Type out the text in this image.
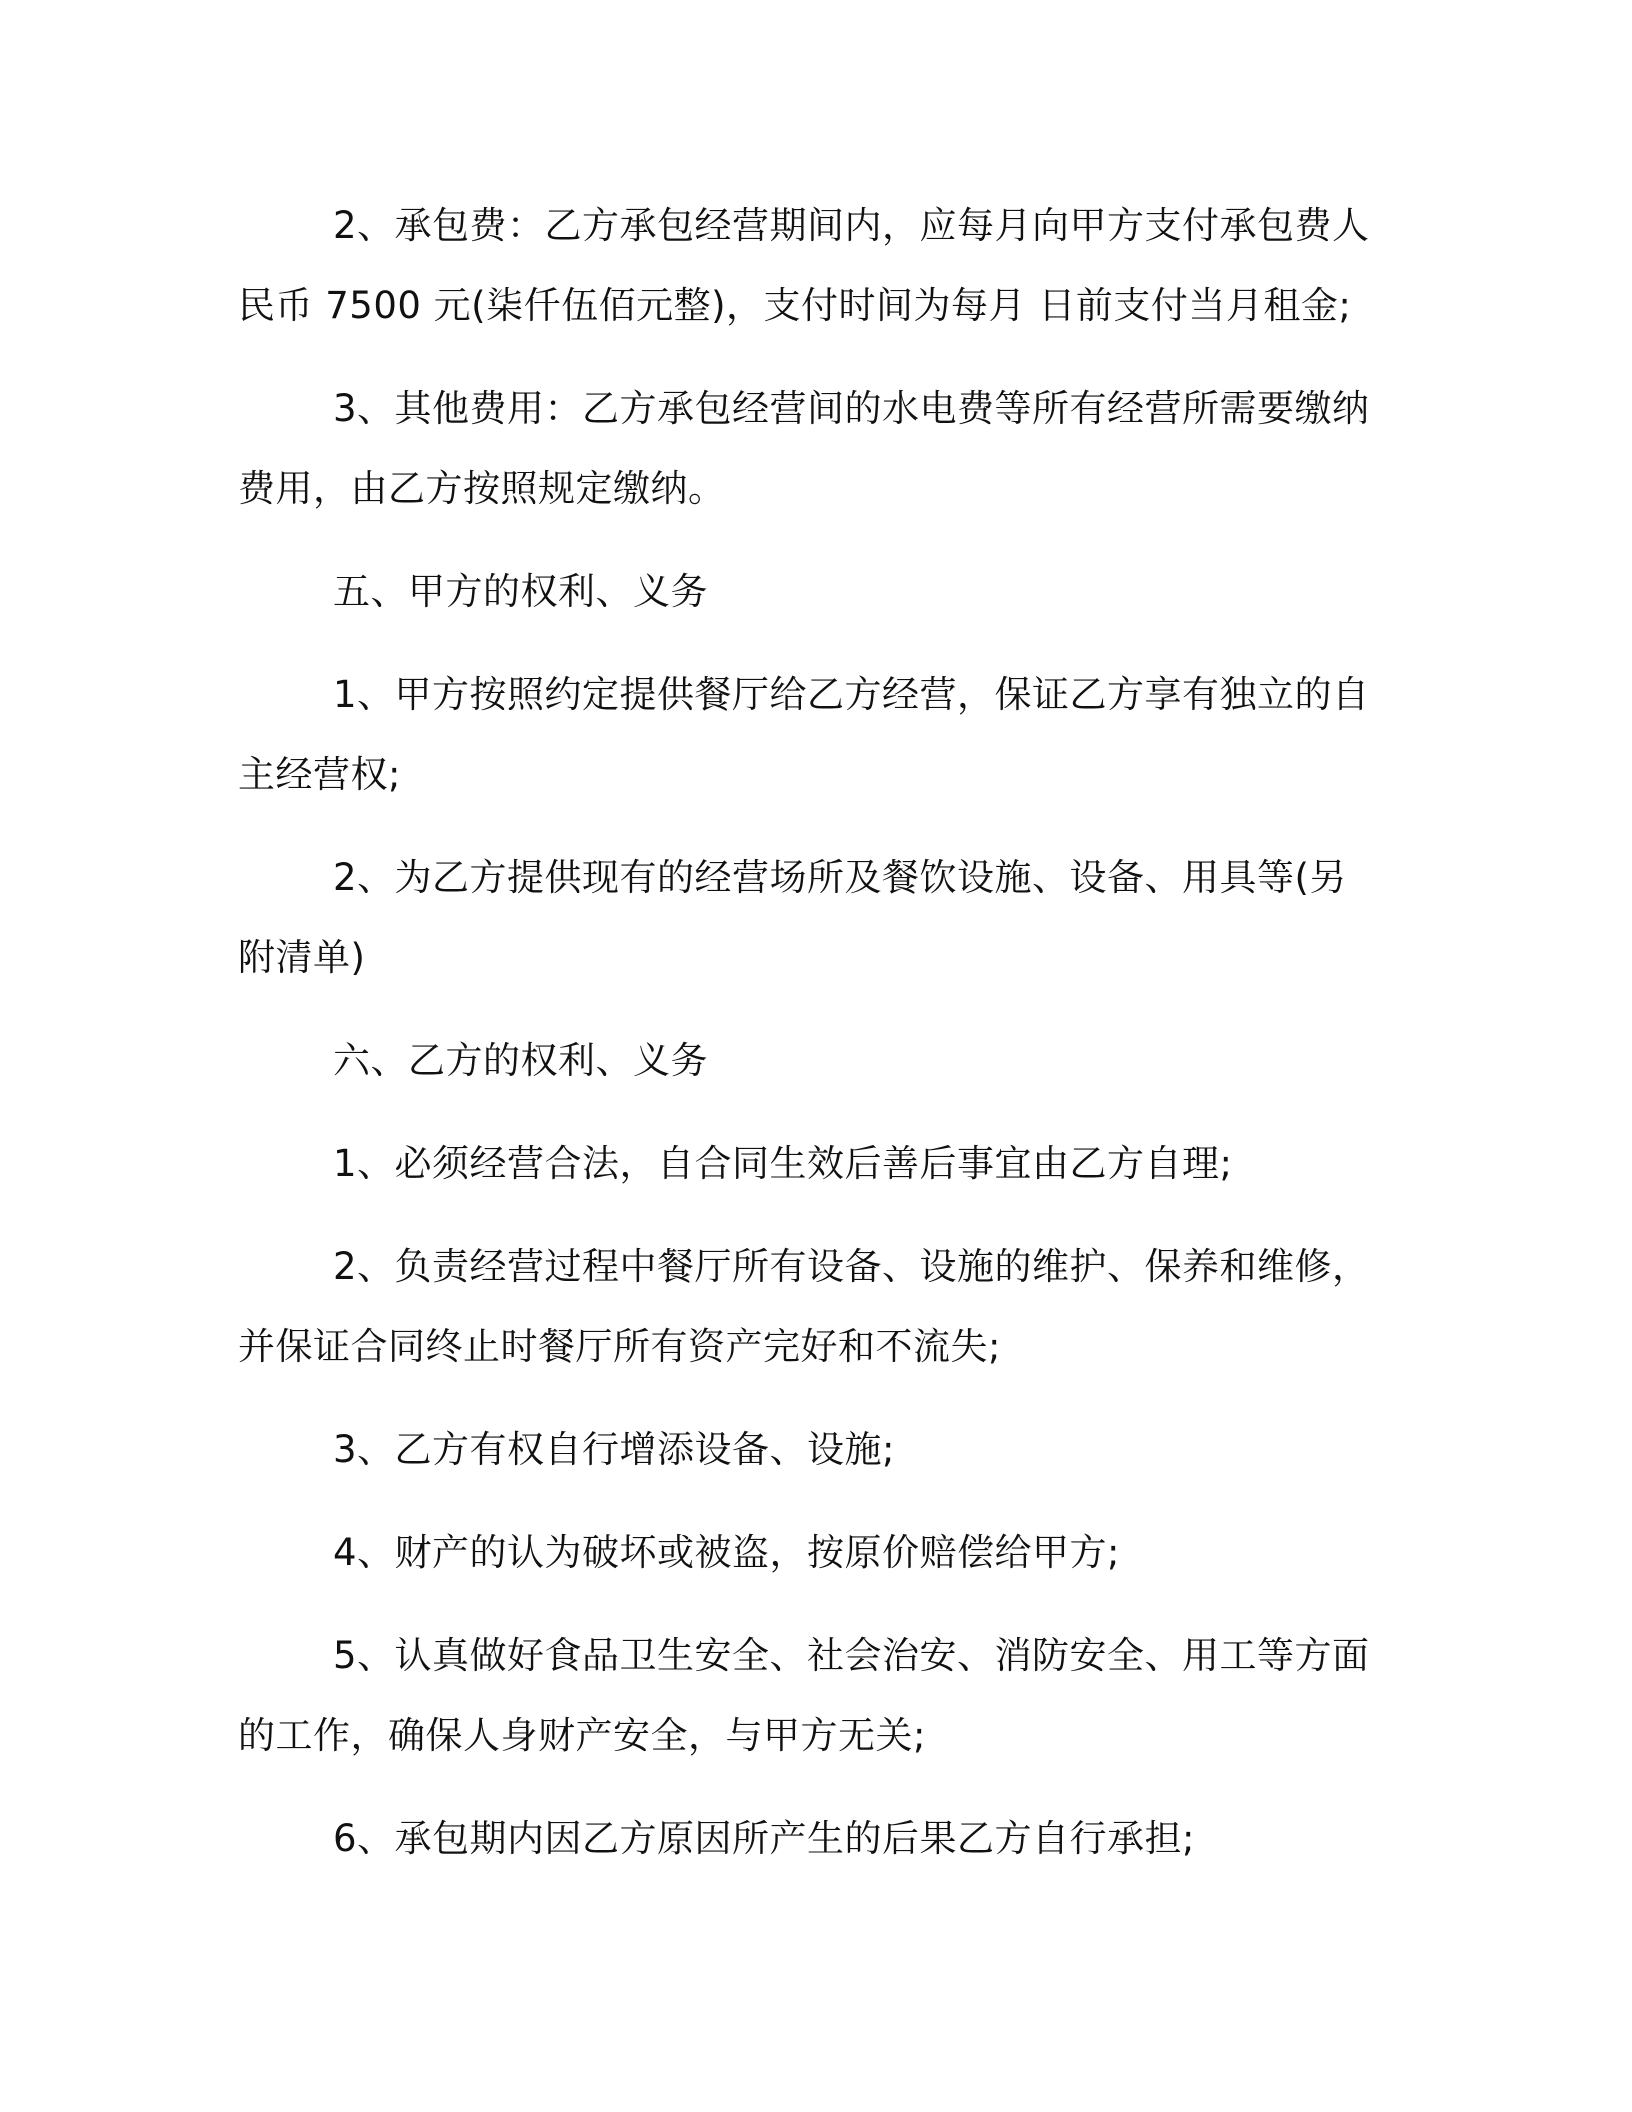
2、承包费：乙方承包经营期间内，应每月向甲方支付承包费人民币 7500 元(柒仟伍佰元整)，支付时间为每月 日前支付当月租金;

3、其他费用：乙方承包经营间的水电费等所有经营所需要缴纳费用，由乙方按照规定缴纳。

五、甲方的权利、义务

1、甲方按照约定提供餐厅给乙方经营，保证乙方享有独立的自主经营权;

2、为乙方提供现有的经营场所及餐饮设施、设备、用具等(另附清单)

六、乙方的权利、义务

1、必须经营合法，自合同生效后善后事宜由乙方自理;

2、负责经营过程中餐厅所有设备、设施的维护、保养和维修，并保证合同终止时餐厅所有资产完好和不流失;

3、乙方有权自行增添设备、设施;

4、财产的认为破坏或被盗，按原价赔偿给甲方;

5、认真做好食品卫生安全、社会治安、消防安全、用工等方面的工作，确保人身财产安全，与甲方无关;

6、承包期内因乙方原因所产生的后果乙方自行承担;
